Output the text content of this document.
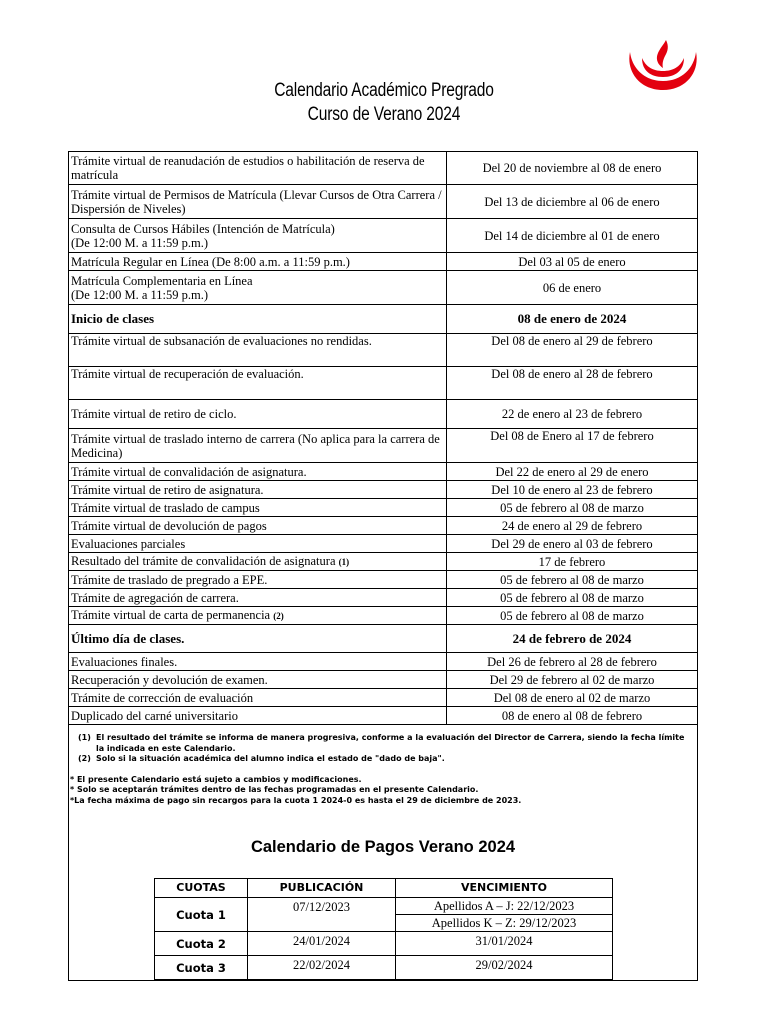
Calendario Académico Pregrado
Curso de Verano 2024
Trámite virtual de reanudación de estudios o habilitación de reserva de matrícula	Del 20 de noviembre al 08 de enero
Trámite virtual de Permisos de Matrícula (Llevar Cursos de Otra Carrera / Dispersión de Niveles)	Del 13 de diciembre al 06 de enero
Consulta de Cursos Hábiles (Intención de Matrícula)
(De 12:00 M. a 11:59 p.m.)	Del 14 de diciembre al 01 de enero
Matrícula Regular en Línea (De 8:00 a.m. a 11:59 p.m.)	Del 03 al 05 de enero
Matrícula Complementaria en Línea
(De 12:00 M. a 11:59 p.m.)	06 de enero
Inicio de clases	08 de enero de 2024
Trámite virtual de subsanación de evaluaciones no rendidas.	Del 08 de enero al 29 de febrero
Trámite virtual de recuperación de evaluación.	Del 08 de enero al 28 de febrero
Trámite virtual de retiro de ciclo.	22 de enero al 23 de febrero
Trámite virtual de traslado interno de carrera (No aplica para la carrera de Medicina)	Del 08 de Enero al 17 de febrero
Trámite virtual de convalidación de asignatura.	Del 22 de enero al 29 de enero
Trámite virtual de retiro de asignatura.	Del 10 de enero al 23 de febrero
Trámite virtual de traslado de campus	05 de febrero al 08 de marzo
Trámite virtual de devolución de pagos	24 de enero al 29 de febrero
Evaluaciones parciales	Del 29 de enero al 03 de febrero
Resultado del trámite de convalidación de asignatura (1)	17 de febrero
Trámite de traslado de pregrado a EPE.	05 de febrero al 08 de marzo
Trámite de agregación de carrera.	05 de febrero al 08 de marzo
Trámite virtual de carta de permanencia (2)	05 de febrero al 08 de marzo
Último día de clases.	24 de febrero de 2024
Evaluaciones finales.	Del 26 de febrero al 28 de febrero
Recuperación y devolución de examen.	Del 29 de febrero al 02 de marzo
Trámite de corrección de evaluación	Del 08 de enero al 02 de marzo
Duplicado del carné universitario	08 de enero al 08 de febrero
(1) El resultado del trámite se informa de manera progresiva, conforme a la evaluación del Director de Carrera, siendo la fecha límite la indicada en este Calendario.
(2) Solo si la situación académica del alumno indica el estado de "dado de baja".
* El presente Calendario está sujeto a cambios y modificaciones.
* Solo se aceptarán trámites dentro de las fechas programadas en el presente Calendario.
*La fecha máxima de pago sin recargos para la cuota 1 2024-0 es hasta el 29 de diciembre de 2023.
Calendario de Pagos Verano 2024
CUOTAS	PUBLICACIÓN	VENCIMIENTO
Cuota 1	07/12/2023	Apellidos A – J: 22/12/2023
		Apellidos K – Z: 29/12/2023
Cuota 2	24/01/2024	31/01/2024
Cuota 3	22/02/2024	29/02/2024
